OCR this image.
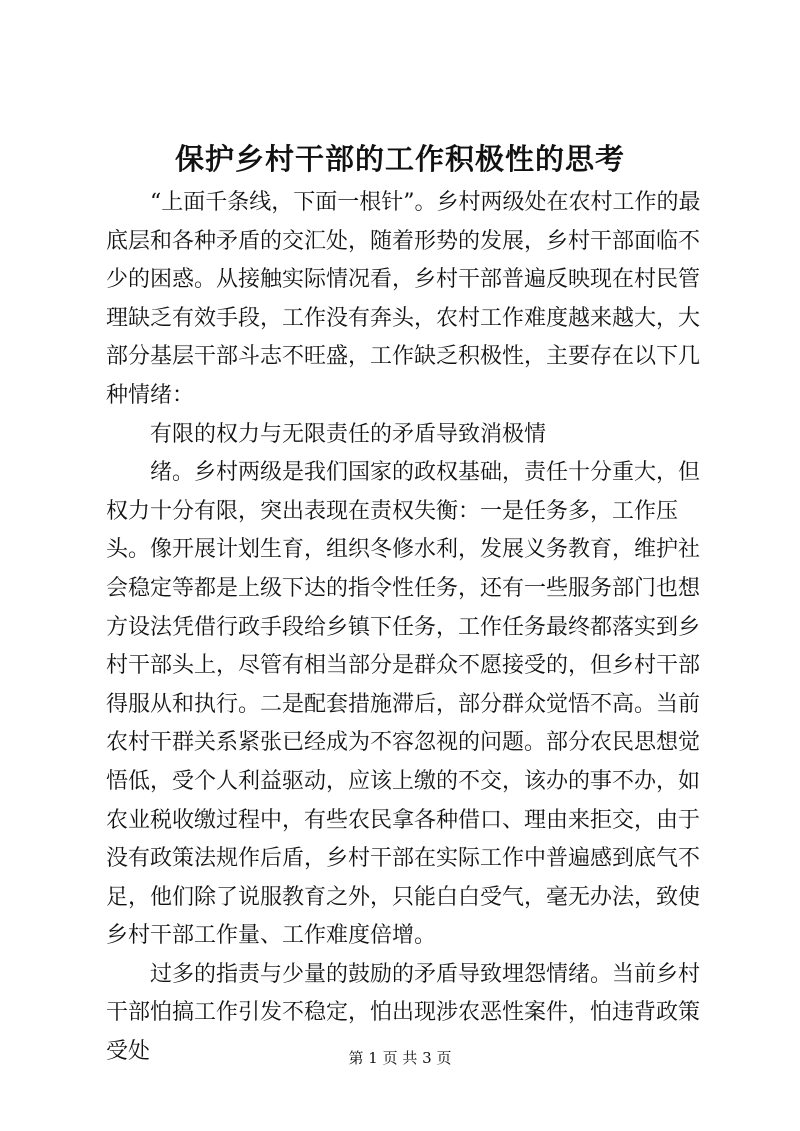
保护乡村干部的工作积极性的思考

“上面千条线，下面一根针”。乡村两级处在农村工作的最底层和各种矛盾的交汇处，随着形势的发展，乡村干部面临不少的困惑。从接触实际情况看，乡村干部普遍反映现在村民管理缺乏有效手段，工作没有奔头，农村工作难度越来越大，大部分基层干部斗志不旺盛，工作缺乏积极性，主要存在以下几种情绪：

有限的权力与无限责任的矛盾导致消极情

绪。乡村两级是我们国家的政权基础，责任十分重大，但权力十分有限，突出表现在责权失衡：一是任务多，工作压头。像开展计划生育，组织冬修水利，发展义务教育，维护社会稳定等都是上级下达的指令性任务，还有一些服务部门也想方设法凭借行政手段给乡镇下任务，工作任务最终都落实到乡村干部头上，尽管有相当部分是群众不愿接受的，但乡村干部得服从和执行。二是配套措施滞后，部分群众觉悟不高。当前农村干群关系紧张已经成为不容忽视的问题。部分农民思想觉悟低，受个人利益驱动，应该上缴的不交，该办的事不办，如农业税收缴过程中，有些农民拿各种借口、理由来拒交，由于没有政策法规作后盾，乡村干部在实际工作中普遍感到底气不足，他们除了说服教育之外，只能白白受气，毫无办法，致使乡村干部工作量、工作难度倍增。

过多的指责与少量的鼓励的矛盾导致埋怨情绪。当前乡村干部怕搞工作引发不稳定，怕出现涉农恶性案件，怕违背政策受处	第 1 页 共 3 页
